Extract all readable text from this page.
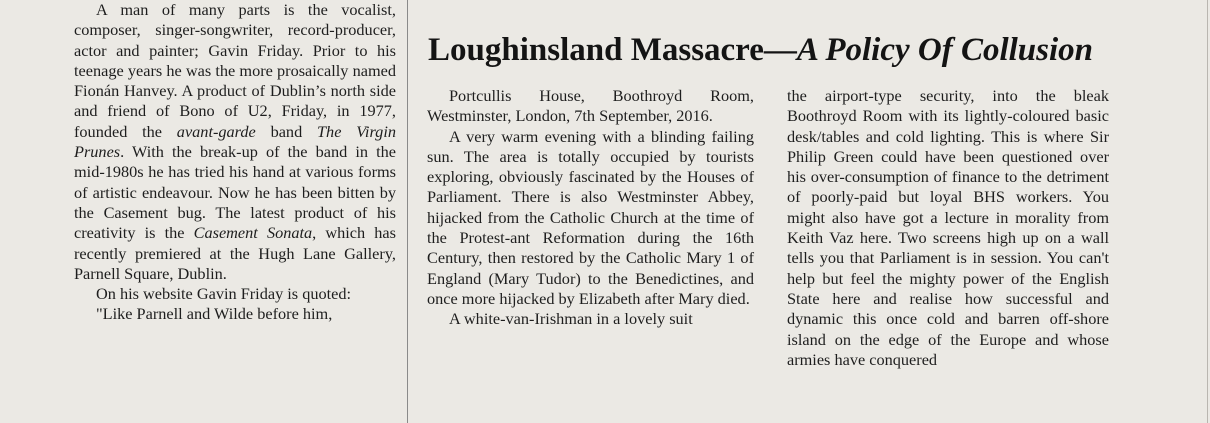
A man of many parts is the vocalist, composer, singer-songwriter, record-producer, actor and painter; Gavin Friday. Prior to his teenage years he was the more prosaically named Fionán Hanvey. A product of Dublin’s north side and friend of Bono of U2, Friday, in 1977, founded the avant-garde band The Virgin Prunes. With the break-up of the band in the mid-1980s he has tried his hand at various forms of artistic endeavour. Now he has been bitten by the Casement bug. The latest product of his creativity is the Casement Sonata, which has recently premiered at the Hugh Lane Gallery, Parnell Square, Dublin.

On his website Gavin Friday is quoted:

"Like Parnell and Wilde before him,

Loughinsland Massacre—A Policy Of Collusion

Portcullis House, Boothroyd Room, Westminster, London, 7th September, 2016.

A very warm evening with a blinding failing sun. The area is totally occupied by tourists exploring, obviously fascinated by the Houses of Parliament. There is also Westminster Abbey, hijacked from the Catholic Church at the time of the Protest-ant Reformation during the 16th Century, then restored by the Catholic Mary 1 of England (Mary Tudor) to the Benedictines, and once more hijacked by Elizabeth after Mary died.

A white-van-Irishman in a lovely suit

the airport-type security, into the bleak Boothroyd Room with its lightly-coloured basic desk/tables and cold lighting. This is where Sir Philip Green could have been questioned over his over-consumption of finance to the detriment of poorly-paid but loyal BHS workers. You might also have got a lecture in morality from Keith Vaz here. Two screens high up on a wall tells you that Parliament is in session. You can't help but feel the mighty power of the English State here and realise how successful and dynamic this once cold and barren off-shore island on the edge of the Europe and whose armies have conquered
